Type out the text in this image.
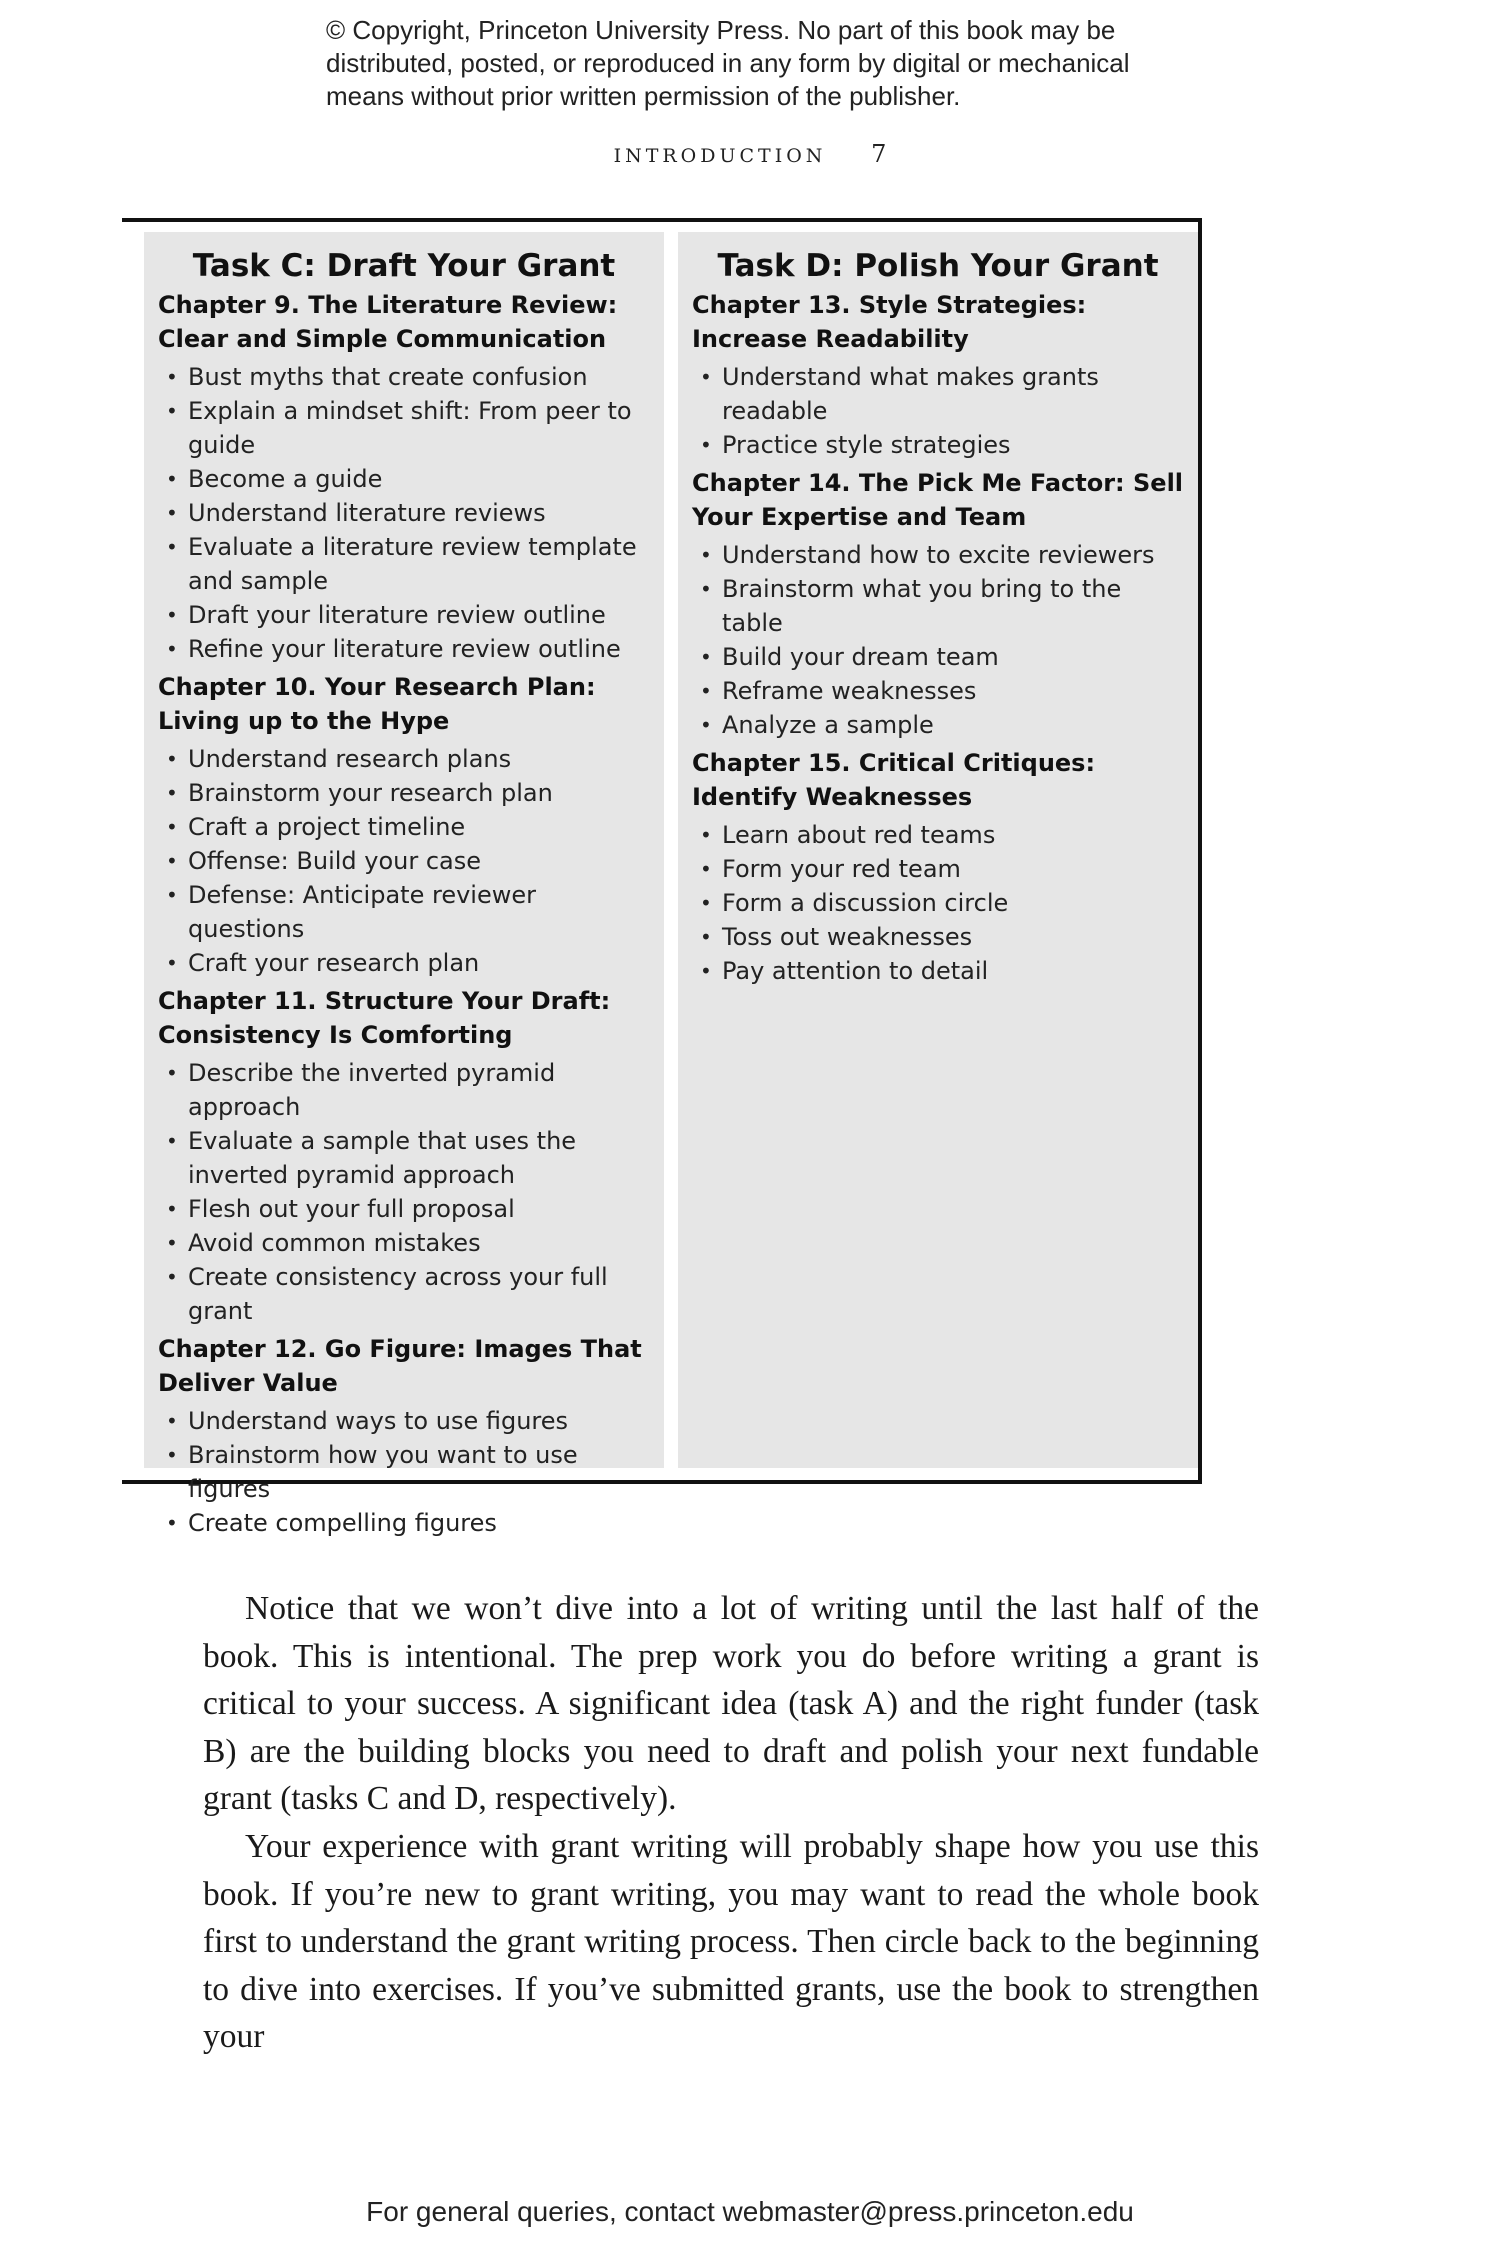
© Copyright, Princeton University Press. No part of this book may be
distributed, posted, or reproduced in any form by digital or mechanical
means without prior written permission of the publisher.
INTRODUCTION 7
Task C: Draft Your Grant
Chapter 9. The Literature Review: Clear and Simple Communication
• Bust myths that create confusion
• Explain a mindset shift: From peer to guide
• Become a guide
• Understand literature reviews
• Evaluate a literature review template and sample
• Draft your literature review outline
• Refine your literature review outline
Chapter 10. Your Research Plan: Living up to the Hype
• Understand research plans
• Brainstorm your research plan
• Craft a project timeline
• Offense: Build your case
• Defense: Anticipate reviewer questions
• Craft your research plan
Chapter 11. Structure Your Draft: Consistency Is Comforting
• Describe the inverted pyramid approach
• Evaluate a sample that uses the inverted pyramid approach
• Flesh out your full proposal
• Avoid common mistakes
• Create consistency across your full grant
Chapter 12. Go Figure: Images That Deliver Value
• Understand ways to use figures
• Brainstorm how you want to use figures
• Create compelling figures
Task D: Polish Your Grant
Chapter 13. Style Strategies: Increase Readability
• Understand what makes grants readable
• Practice style strategies
Chapter 14. The Pick Me Factor: Sell Your Expertise and Team
• Understand how to excite reviewers
• Brainstorm what you bring to the table
• Build your dream team
• Reframe weaknesses
• Analyze a sample
Chapter 15. Critical Critiques: Identify Weaknesses
• Learn about red teams
• Form your red team
• Form a discussion circle
• Toss out weaknesses
• Pay attention to detail

Notice that we won’t dive into a lot of writing until the last half of the book. This is intentional. The prep work you do before writing a grant is critical to your success. A significant idea (task A) and the right funder (task B) are the building blocks you need to draft and polish your next fundable grant (tasks C and D, respectively).

Your experience with grant writing will probably shape how you use this book. If you’re new to grant writing, you may want to read the whole book first to understand the grant writing process. Then circle back to the beginning to dive into exercises. If you’ve submitted grants, use the book to strengthen your

For general queries, contact webmaster@press.princeton.edu
